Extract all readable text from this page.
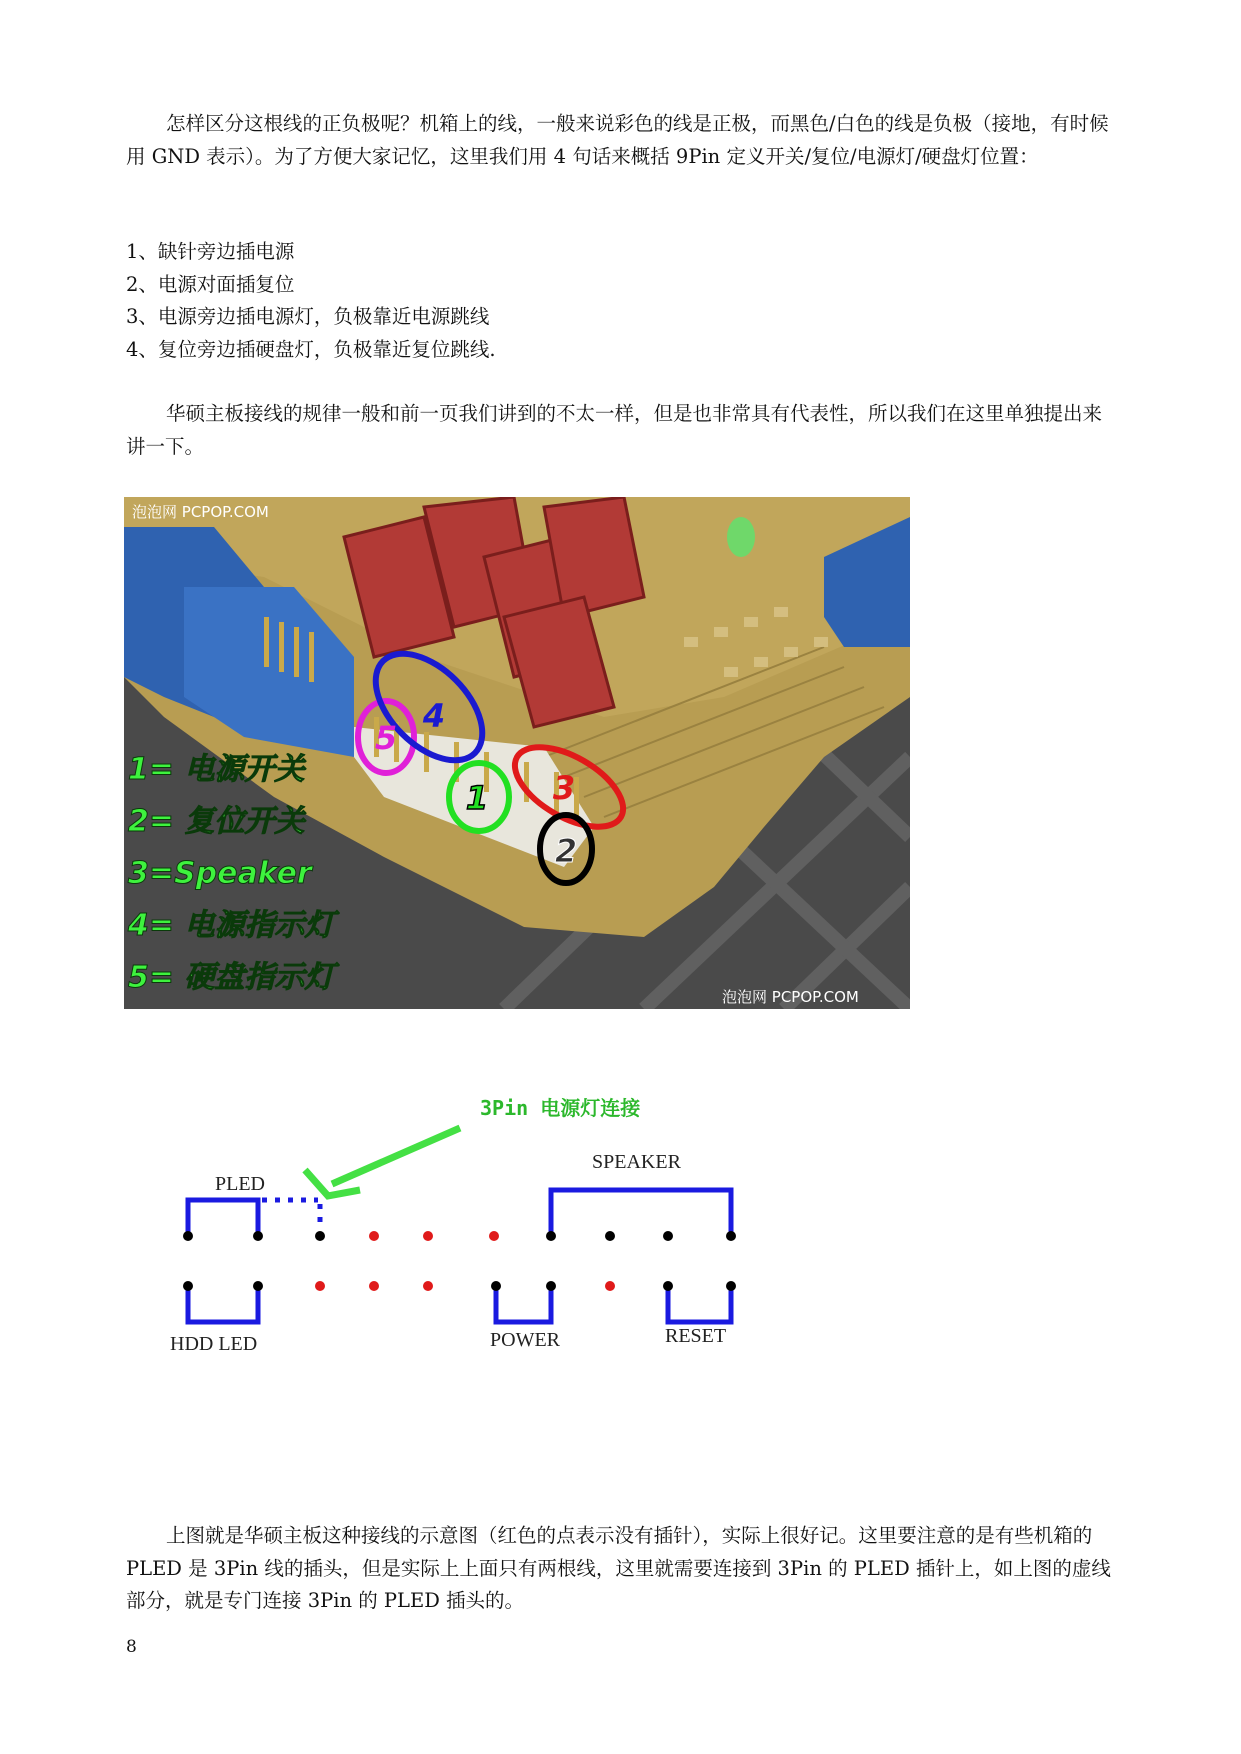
怎样区分这根线的正负极呢？机箱上的线，一般来说彩色的线是正极，而黑色/白色的线是负极（接地，有时候用 GND 表示）。为了方便大家记忆，这里我们用 4 句话来概括 9Pin 定义开关/复位/电源灯/硬盘灯位置：

1、缺针旁边插电源
2、电源对面插复位
3、电源旁边插电源灯，负极靠近电源跳线
4、复位旁边插硬盘灯，负极靠近复位跳线.

华硕主板接线的规律一般和前一页我们讲到的不太一样，但是也非常具有代表性，所以我们在这里单独提出来讲一下。

1
2
3
4
5
泡泡网 PCPOP.COM
泡泡网 PCPOP.COM
1= 电源开关
2= 复位开关
3=Speaker
4= 电源指示灯
5= 硬盘指示灯
3Pin 电源灯连接
PLED
SPEAKER
HDD LED	POWER	RESET

上图就是华硕主板这种接线的示意图（红色的点表示没有插针），实际上很好记。这里要注意的是有些机箱的 PLED 是 3Pin 线的插头，但是实际上上面只有两根线，这里就需要连接到 3Pin 的 PLED 插针上，如上图的虚线部分，就是专门连接 3Pin 的 PLED 插头的。

8
